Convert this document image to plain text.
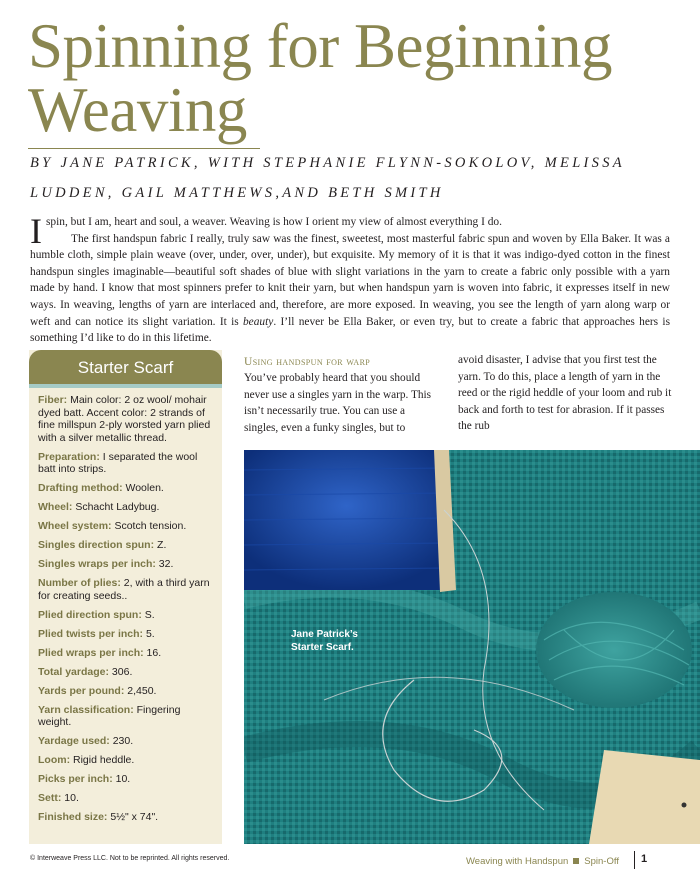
Spinning for Beginning Weaving
BY JANE PATRICK, WITH STEPHANIE FLYNN-SOKOLOV, MELISSA LUDDEN, GAIL MATTHEWS,AND BETH SMITH

I spin, but I am, heart and soul, a weaver. Weaving is how I orient my view of almost everything I do.

The first handspun fabric I really, truly saw was the finest, sweetest, most masterful fabric spun and woven by Ella Baker. It was a humble cloth, simple plain weave (over, under, over, under), but exquisite. My memory of it is that it was indigo-dyed cotton in the finest handspun singles imaginable—beautiful soft shades of blue with slight variations in the yarn to create a fabric only possible with a yarn made by hand. I know that most spinners prefer to knit their yarn, but when handspun yarn is woven into fabric, it expresses itself in new ways. In weaving, lengths of yarn are interlaced and, therefore, are more exposed. In weaving, you see the length of yarn along warp or weft and can notice its slight variation. It is beauty. I’ll never be Ella Baker, or even try, but to create a fabric that approaches hers is something I’d like to do in this lifetime.

Starter Scarf
Fiber: Main color: 2 oz wool/ mohair dyed batt. Accent color: 2 strands of fine millspun 2-ply worsted yarn plied with a silver metallic thread.
Preparation: I separated the wool batt into strips.
Drafting method: Woolen.
Wheel: Schacht Ladybug.
Wheel system: Scotch tension.
Singles direction spun: Z.
Singles wraps per inch: 32.
Number of plies: 2, with a third yarn for creating seeds..
Plied direction spun: S.
Plied twists per inch: 5.
Plied wraps per inch: 16.
Total yardage: 306.
Yards per pound: 2,450.
Yarn classification: Fingering weight.
Yardage used: 230.
Loom: Rigid heddle.
Picks per inch: 10.
Sett: 10.
Finished size: 5½" x 74".
Using handspun for warp

You’ve probably heard that you should never use a singles yarn in the warp. This isn’t necessarily true. You can use a singles, even a funky singles, but to

avoid disaster, I advise that you first test the yarn. To do this, place a length of yarn in the reed or the rigid heddle of your loom and rub it back and forth to test for abrasion. If it passes the rub

Jane Patrick’s
Starter Scarf.
© Interweave Press LLC. Not to be reprinted. All rights reserved.	Weaving with Handspun Spin-Off 1
